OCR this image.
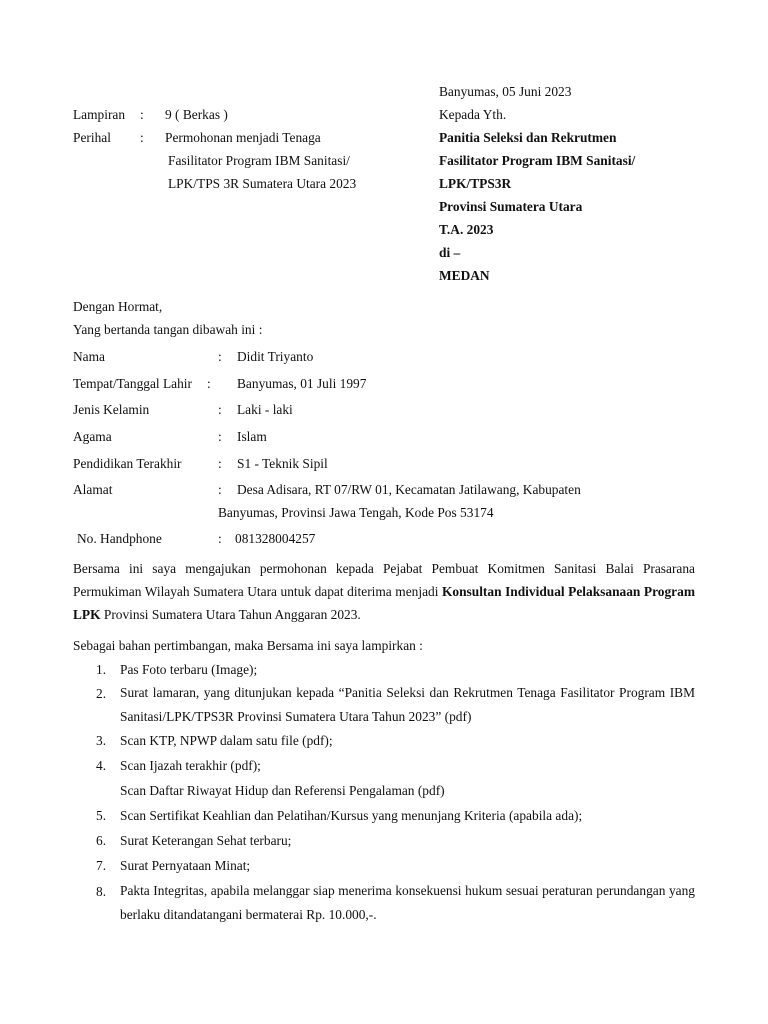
Banyumas, 05 Juni 2023
Kepada Yth.
Panitia Seleksi dan Rekrutmen
Fasilitator Program IBM Sanitasi/
LPK/TPS3R
Provinsi Sumatera Utara
T.A. 2023
di –
MEDAN
Lampiran : 9 ( Berkas )
Perihal : Permohonan menjadi Tenaga
Fasilitator Program IBM Sanitasi/
LPK/TPS 3R Sumatera Utara 2023
Dengan Hormat,
Yang bertanda tangan dibawah ini :
Nama	: Didit Triyanto
Tempat/Tanggal Lahir : Banyumas, 01 Juli 1997
Jenis Kelamin	: Laki - laki
Agama	: Islam
Pendidikan Terakhir	: S1 - Teknik Sipil
Alamat	: Desa Adisara, RT 07/RW 01, Kecamatan Jatilawang, Kabupaten
Banyumas, Provinsi Jawa Tengah, Kode Pos 53174
No. Handphone	: 081328004257
Bersama ini saya mengajukan permohonan kepada Pejabat Pembuat Komitmen Sanitasi Balai Prasarana Permukiman Wilayah Sumatera Utara untuk dapat diterima menjadi Konsultan Individual Pelaksanaan Program LPK Provinsi Sumatera Utara Tahun Anggaran 2023.
Sebagai bahan pertimbangan, maka Bersama ini saya lampirkan :
1. Pas Foto terbaru (Image);
2. Surat lamaran, yang ditunjukan kepada “Panitia Seleksi dan Rekrutmen Tenaga Fasilitator Program IBM Sanitasi/LPK/TPS3R Provinsi Sumatera Utara Tahun 2023” (pdf)
3. Scan KTP, NPWP dalam satu file (pdf);
4. Scan Ijazah terakhir (pdf);
Scan Daftar Riwayat Hidup dan Referensi Pengalaman (pdf)
5. Scan Sertifikat Keahlian dan Pelatihan/Kursus yang menunjang Kriteria (apabila ada);
6. Surat Keterangan Sehat terbaru;
7. Surat Pernyataan Minat;
8. Pakta Integritas, apabila melanggar siap menerima konsekuensi hukum sesuai peraturan perundangan yang berlaku ditandatangani bermaterai Rp. 10.000,-.
